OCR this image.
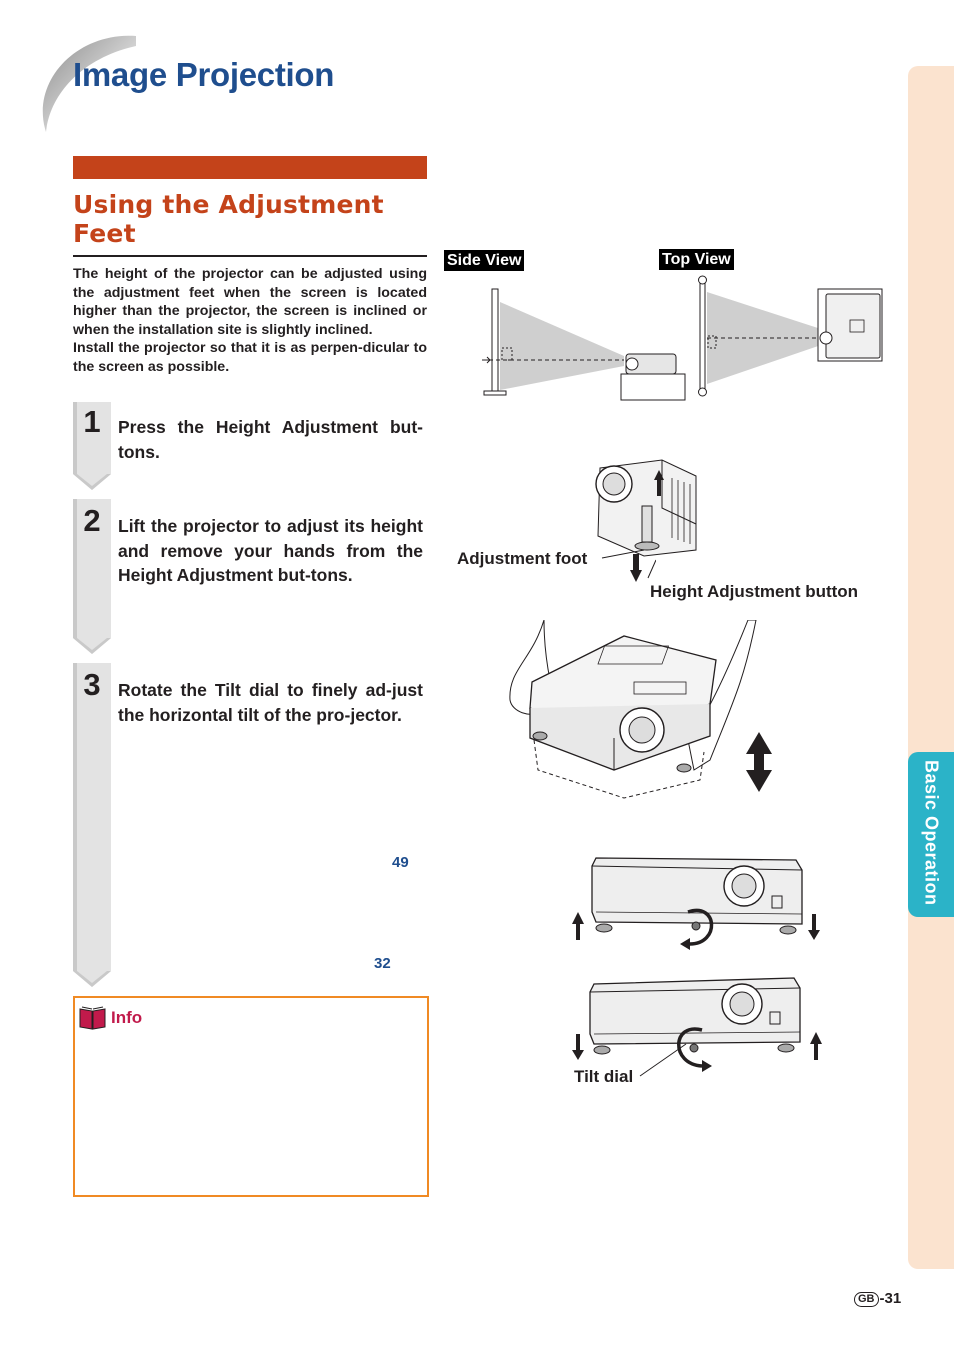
Image Projection
Basic Operation
Using the Adjustment Feet

The height of the projector can be adjusted using the adjustment feet when the screen is located higher than the projector, the screen is inclined or when the installation site is slightly inclined.

Install the projector so that it is as perpen-dicular to the screen as possible.

1 Press the Height Adjustment but-tons.
2 Lift the projector to adjust its height and remove your hands from the Height Adjustment but-tons.
3 Rotate the Tilt dial to finely ad-just the horizontal tilt of the pro-jector.
49
32
Info
Side View	Top View
Adjustment foot
Height Adjustment button
Tilt dial
GB -31
